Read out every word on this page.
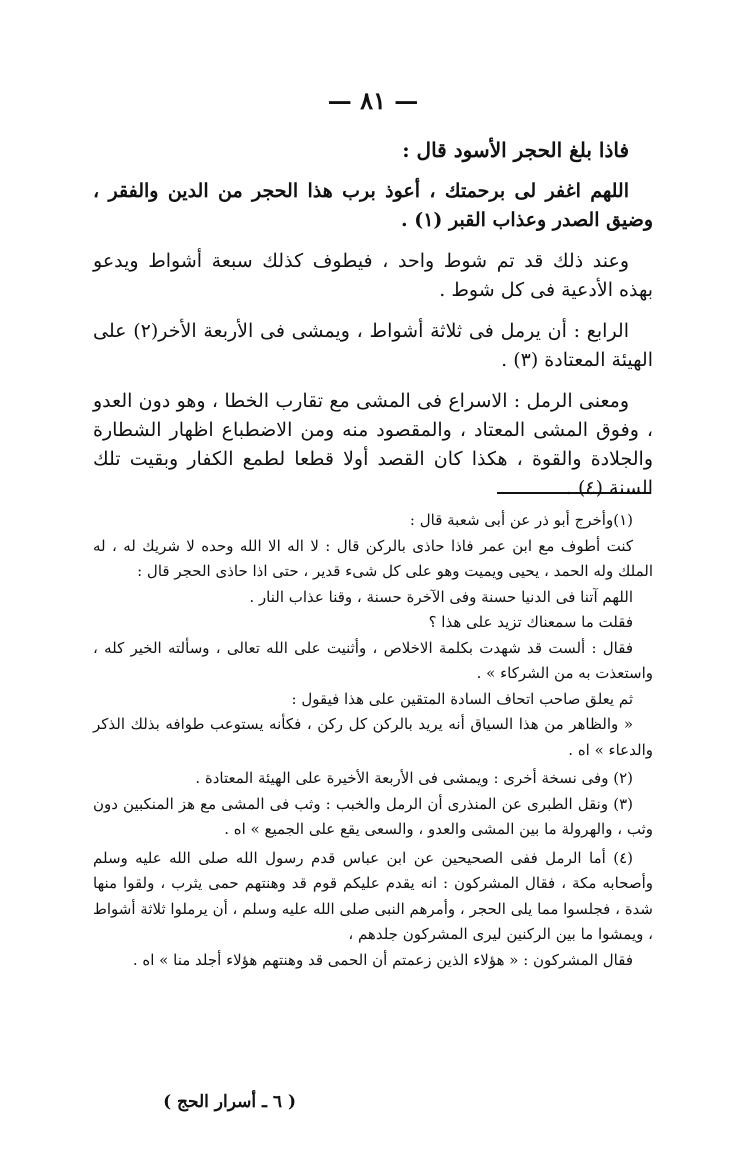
— ٨١ —

فاذا بلغ الحجر الأسود قال :

اللهم اغفر لى برحمتك ، أعوذ برب هذا الحجر من الدين والفقر ، وضيق الصدر وعذاب القبر (١) .

وعند ذلك قد تم شوط واحد ، فيطوف كذلك سبعة أشواط ويدعو بهذه الأدعية فى كل شوط .

الرابع : أن يرمل فى ثلاثة أشواط ، ويمشى فى الأربعة الأخر(٢) على الهيئة المعتادة (٣) .

ومعنى الرمل : الاسراع فى المشى مع تقارب الخطا ، وهو دون العدو ، وفوق المشى المعتاد ، والمقصود منه ومن الاضطباع اظهار الشطارة والجلادة والقوة ، هكذا كان القصد أولا قطعا لطمع الكفار وبقيت تلك السنة (٤) .

(١)وأخرج أبو ذر عن أبى شعبة قال :

كنت أطوف مع ابن عمر فاذا حاذى بالركن قال : لا اله الا الله وحده لا شريك له ، له الملك وله الحمد ، يحيى ويميت وهو على كل شىء قدير ، حتى اذا حاذى الحجر قال :

اللهم آتنا فى الدنيا حسنة وفى الآخرة حسنة ، وقنا عذاب النار .

فقلت ما سمعناك تزيد على هذا ؟

فقال : ألست قد شهدت بكلمة الاخلاص ، وأثنيت على الله تعالى ، وسألته الخير كله ، واستعذت به من الشركاء » .

ثم يعلق صاحب اتحاف السادة المتقين على هذا فيقول :

« والظاهر من هذا السياق أنه يريد بالركن كل ركن ، فكأنه يستوعب طوافه بذلك الذكر والدعاء » اه .

(٢) وفى نسخة أخرى : ويمشى فى الأربعة الأخيرة على الهيئة المعتادة .

(٣) ونقل الطبرى عن المنذرى أن الرمل والخبب : وثب فى المشى مع هز المنكبين دون وثب ، والهرولة ما بين المشى والعدو ، والسعى يقع على الجميع » اه .

(٤) أما الرمل ففى الصحيحين عن ابن عباس قدم رسول الله صلى الله عليه وسلم وأصحابه مكة ، فقال المشركون : انه يقدم عليكم قوم قد وهنتهم حمى يثرب ، ولقوا منها شدة ، فجلسوا مما يلى الحجر ، وأمرهم النبى صلى الله عليه وسلم ، أن يرملوا ثلاثة أشواط ، ويمشوا ما بين الركنين ليرى المشركون جلدهم ،

فقال المشركون : « هؤلاء الذين زعمتم أن الحمى قد وهنتهم هؤلاء أجلد منا » اه .

( ٦ ـ أسرار الحج )
